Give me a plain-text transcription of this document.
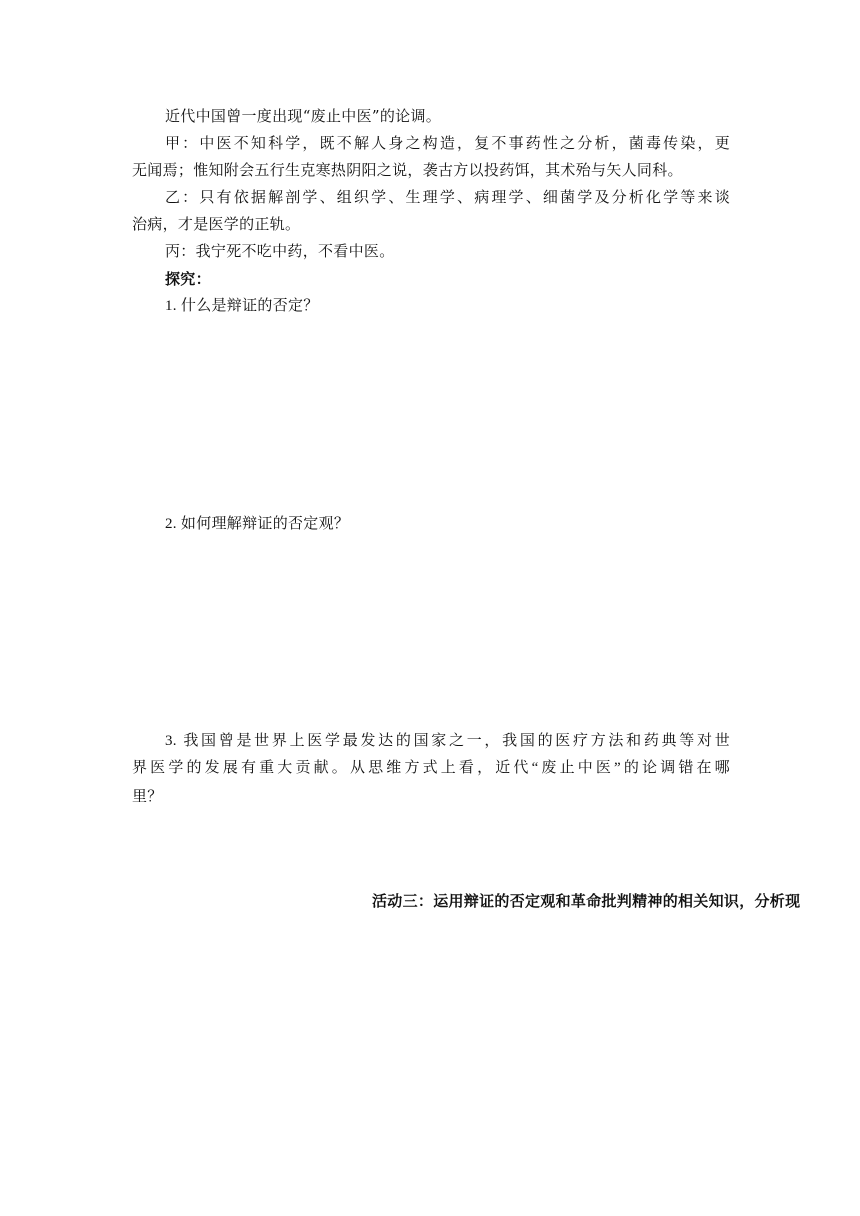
近代中国曾一度出现“废止中医”的论调。
甲：中医不知科学，既不解人身之构造，复不事药性之分析，菌毒传染，更
无闻焉；惟知附会五行生克寒热阴阳之说，袭古方以投药饵，其术殆与矢人同科。
乙：只有依据解剖学、组织学、生理学、病理学、细菌学及分析化学等来谈
治病，才是医学的正轨。
丙：我宁死不吃中药，不看中医。
探究：
1. 什么是辩证的否定？
2. 如何理解辩证的否定观？
3. 我国曾是世界上医学最发达的国家之一，我国的医疗方法和药典等对世
界医学的发展有重大贡献。从思维方式上看，近代“废止中医”的论调错在哪
里？
活动三：运用辩证的否定观和革命批判精神的相关知识，分析现
